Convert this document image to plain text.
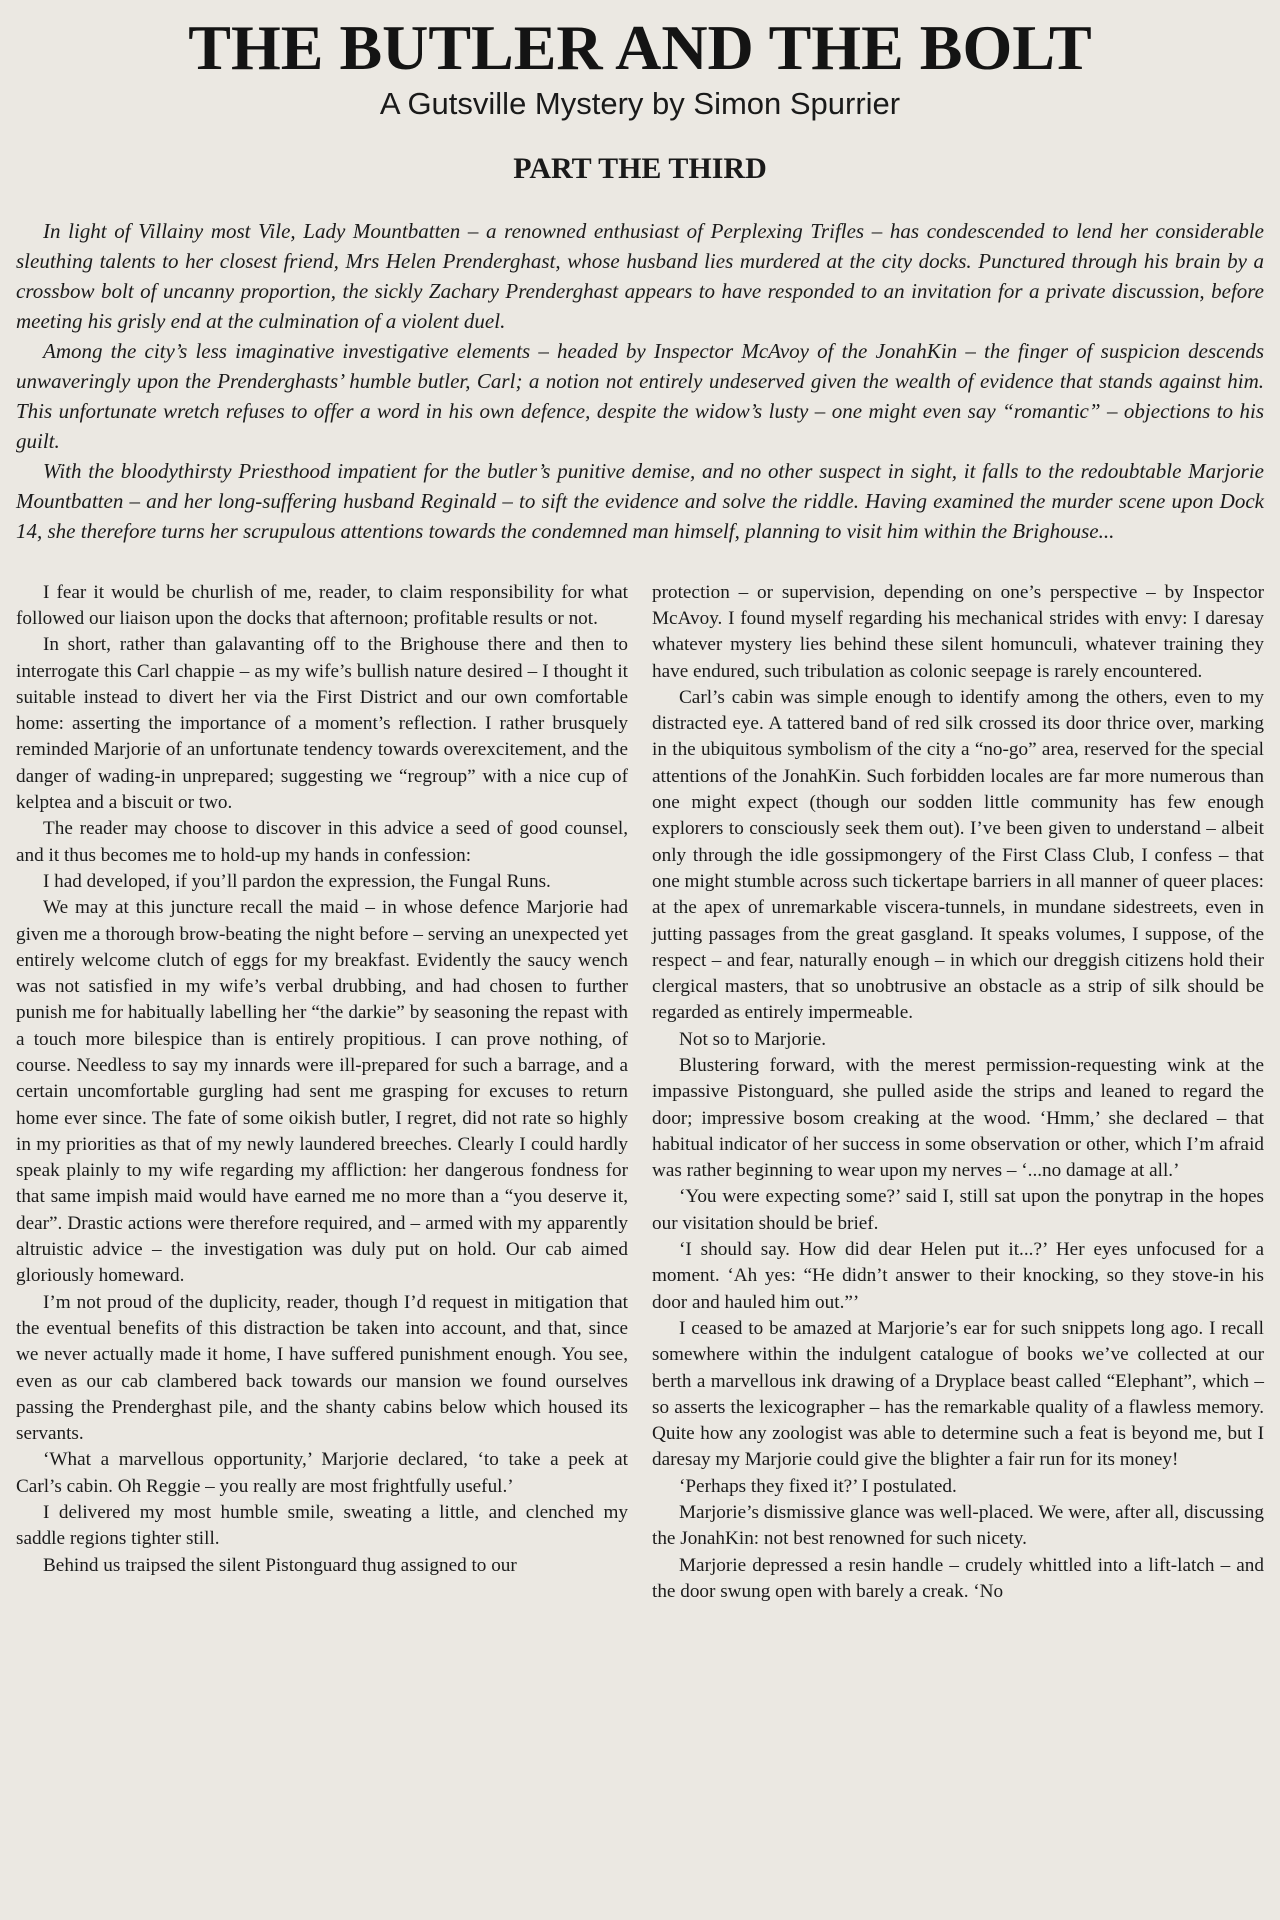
THE BUTLER AND THE BOLT
A Gutsville Mystery by Simon Spurrier
PART THE THIRD

In light of Villainy most Vile, Lady Mountbatten – a renowned enthusiast of Perplexing Trifles – has condescended to lend her considerable sleuthing talents to her closest friend, Mrs Helen Prenderghast, whose husband lies murdered at the city docks. Punctured through his brain by a crossbow bolt of uncanny proportion, the sickly Zachary Prenderghast appears to have responded to an invitation for a private discussion, before meeting his grisly end at the culmination of a violent duel.

Among the city’s less imaginative investigative elements – headed by Inspector McAvoy of the JonahKin – the finger of suspicion descends unwaveringly upon the Prenderghasts’ humble butler, Carl; a notion not entirely undeserved given the wealth of evidence that stands against him. This unfortunate wretch refuses to offer a word in his own defence, despite the widow’s lusty – one might even say “romantic” – objections to his guilt.

With the bloodythirsty Priesthood impatient for the butler’s punitive demise, and no other suspect in sight, it falls to the redoubtable Marjorie Mountbatten – and her long-suffering husband Reginald – to sift the evidence and solve the riddle. Having examined the murder scene upon Dock 14, she therefore turns her scrupulous attentions towards the condemned man himself, planning to visit him within the Brighouse...

I fear it would be churlish of me, reader, to claim responsibility for what followed our liaison upon the docks that afternoon; profitable results or not.

In short, rather than galavanting off to the Brighouse there and then to interrogate this Carl chappie – as my wife’s bullish nature desired – I thought it suitable instead to divert her via the First District and our own comfortable home: asserting the importance of a moment’s reflection. I rather brusquely reminded Marjorie of an unfortunate tendency towards overexcitement, and the danger of wading-in unprepared; suggesting we “regroup” with a nice cup of kelptea and a biscuit or two.

The reader may choose to discover in this advice a seed of good counsel, and it thus becomes me to hold-up my hands in confession:

I had developed, if you’ll pardon the expression, the Fungal Runs.

We may at this juncture recall the maid – in whose defence Marjorie had given me a thorough brow-beating the night before – serving an unexpected yet entirely welcome clutch of eggs for my breakfast. Evidently the saucy wench was not satisfied in my wife’s verbal drubbing, and had chosen to further punish me for habitually labelling her “the darkie” by seasoning the repast with a touch more bilespice than is entirely propitious. I can prove nothing, of course. Needless to say my innards were ill-prepared for such a barrage, and a certain uncomfortable gurgling had sent me grasping for excuses to return home ever since. The fate of some oikish butler, I regret, did not rate so highly in my priorities as that of my newly laundered breeches. Clearly I could hardly speak plainly to my wife regarding my affliction: her dangerous fondness for that same impish maid would have earned me no more than a “you deserve it, dear”. Drastic actions were therefore required, and – armed with my apparently altruistic advice – the investigation was duly put on hold. Our cab aimed gloriously homeward.

I’m not proud of the duplicity, reader, though I’d request in mitigation that the eventual benefits of this distraction be taken into account, and that, since we never actually made it home, I have suffered punishment enough. You see, even as our cab clambered back towards our mansion we found ourselves passing the Prenderghast pile, and the shanty cabins below which housed its servants.

‘What a marvellous opportunity,’ Marjorie declared, ‘to take a peek at Carl’s cabin. Oh Reggie – you really are most frightfully useful.’

I delivered my most humble smile, sweating a little, and clenched my saddle regions tighter still.

Behind us traipsed the silent Pistonguard thug assigned to our

protection – or supervision, depending on one’s perspective – by Inspector McAvoy. I found myself regarding his mechanical strides with envy: I daresay whatever mystery lies behind these silent homunculi, whatever training they have endured, such tribulation as colonic seepage is rarely encountered.

Carl’s cabin was simple enough to identify among the others, even to my distracted eye. A tattered band of red silk crossed its door thrice over, marking in the ubiquitous symbolism of the city a “no-go” area, reserved for the special attentions of the JonahKin. Such forbidden locales are far more numerous than one might expect (though our sodden little community has few enough explorers to consciously seek them out). I’ve been given to understand – albeit only through the idle gossipmongery of the First Class Club, I confess – that one might stumble across such tickertape barriers in all manner of queer places: at the apex of unremarkable viscera-tunnels, in mundane sidestreets, even in jutting passages from the great gasgland. It speaks volumes, I suppose, of the respect – and fear, naturally enough – in which our dreggish citizens hold their clergical masters, that so unobtrusive an obstacle as a strip of silk should be regarded as entirely impermeable.

Not so to Marjorie.

Blustering forward, with the merest permission-requesting wink at the impassive Pistonguard, she pulled aside the strips and leaned to regard the door; impressive bosom creaking at the wood. ‘Hmm,’ she declared – that habitual indicator of her success in some observation or other, which I’m afraid was rather beginning to wear upon my nerves – ‘...no damage at all.’

‘You were expecting some?’ said I, still sat upon the ponytrap in the hopes our visitation should be brief.

‘I should say. How did dear Helen put it...?’ Her eyes unfocused for a moment. ‘Ah yes: “He didn’t answer to their knocking, so they stove-in his door and hauled him out.”’

I ceased to be amazed at Marjorie’s ear for such snippets long ago. I recall somewhere within the indulgent catalogue of books we’ve collected at our berth a marvellous ink drawing of a Dryplace beast called “Elephant”, which – so asserts the lexicographer – has the remarkable quality of a flawless memory. Quite how any zoologist was able to determine such a feat is beyond me, but I daresay my Marjorie could give the blighter a fair run for its money!

‘Perhaps they fixed it?’ I postulated.

Marjorie’s dismissive glance was well-placed. We were, after all, discussing the JonahKin: not best renowned for such nicety.

Marjorie depressed a resin handle – crudely whittled into a lift-latch – and the door swung open with barely a creak. ‘No
